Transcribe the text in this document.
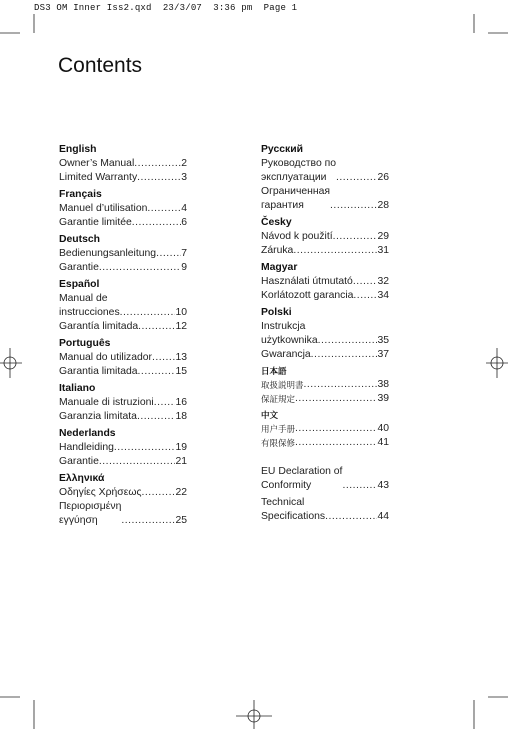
DS3 OM Inner Iss2.qxd  23/3/07  3:36 pm  Page 1
Contents
English
Owner’s Manual .....	2
Limited Warranty .....	3
Français
Manuel d’utilisation .....	4
Garantie limitée .....	6
Deutsch
Bedienungsanleitung ..... 7
Garantie .....	9
Español
Manual de
instrucciones .....	10
Garantía limitada .....	12
Português
Manual do utilizador ..... 13
Garantia limitada .....	15
Italiano
Manuale di istruzioni ..... 16
Garanzia limitata .....	18
Nederlands
Handleiding .....	19
Garantie .....	21
Ελληνικά
Οδηγίες Χρήσεως .....	22
Περιορισμένη
εγγύηση .....	25
Русский
Руководство по
эксплуатации .....	26
Ограниченная
гарантия .....	28
Česky
Návod k použití .....	29
Záruka .....	31
Magyar
Használati útmutató ..... 32
Korlátozott garancia ..... 34
Polski
Instrukcja
użytkownika .....	35
Gwarancja .....	37
日本語
取扱説明書 .....	38
保証規定 .....	39
中文
用户手册 .....	40
有限保修 .....	41
EU Declaration of
Conformity .....	43
Technical
Specifications .....	44
